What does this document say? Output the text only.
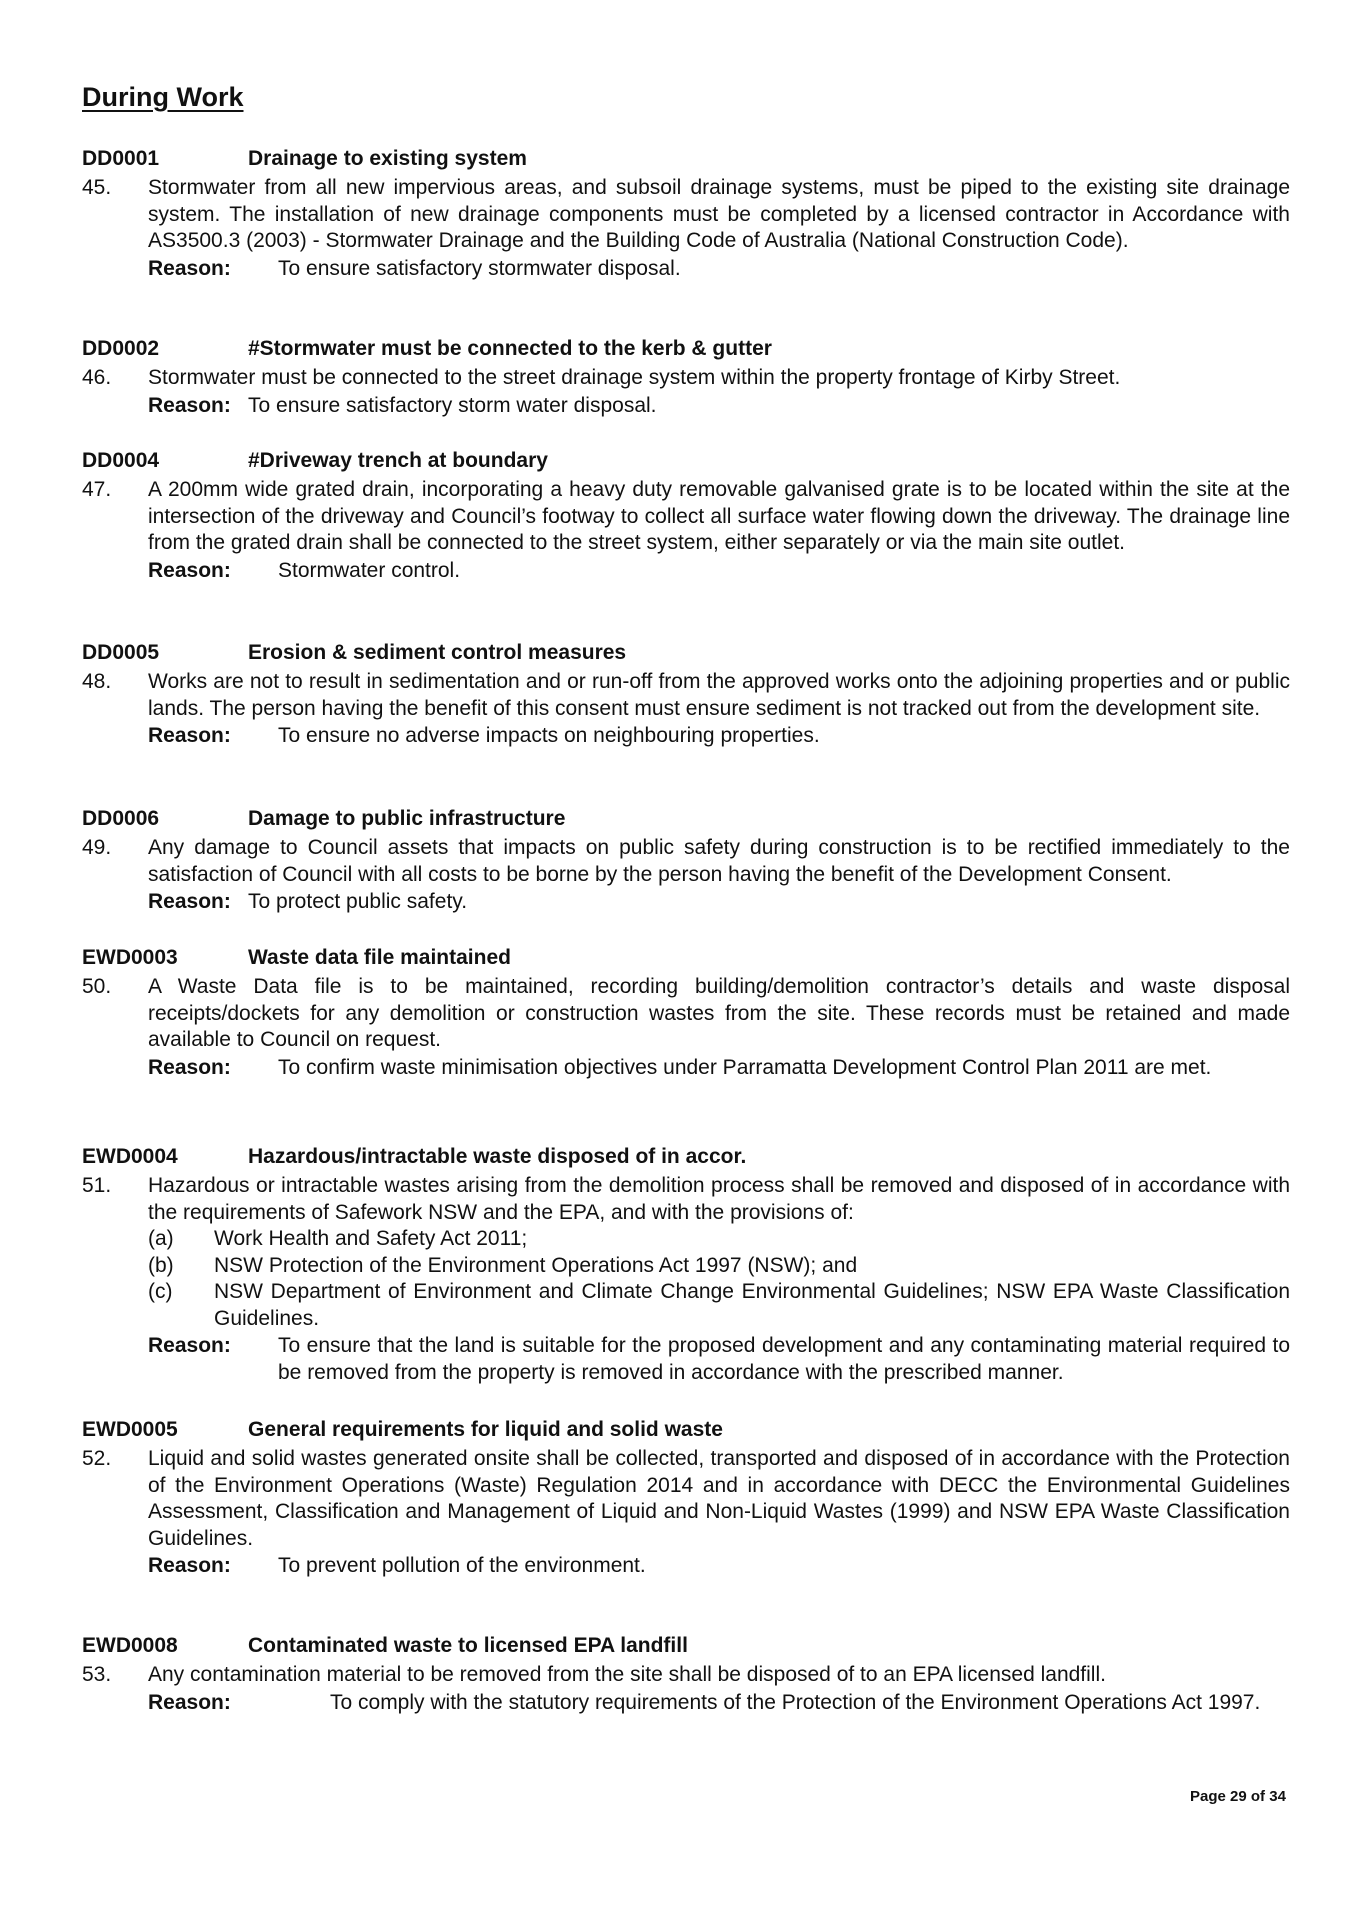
During Work
DD0001	Drainage to existing system
45. Stormwater from all new impervious areas, and subsoil drainage systems, must be piped to the existing site drainage system. The installation of new drainage components must be completed by a licensed contractor in Accordance with AS3500.3 (2003) - Stormwater Drainage and the Building Code of Australia (National Construction Code).
Reason: To ensure satisfactory stormwater disposal.
DD0002	#Stormwater must be connected to the kerb & gutter
46. Stormwater must be connected to the street drainage system within the property frontage of Kirby Street.
Reason: To ensure satisfactory storm water disposal.
DD0004	#Driveway trench at boundary
47. A 200mm wide grated drain, incorporating a heavy duty removable galvanised grate is to be located within the site at the intersection of the driveway and Council’s footway to collect all surface water flowing down the driveway. The drainage line from the grated drain shall be connected to the street system, either separately or via the main site outlet.
Reason: Stormwater control.
DD0005	Erosion & sediment control measures
48. Works are not to result in sedimentation and or run-off from the approved works onto the adjoining properties and or public lands. The person having the benefit of this consent must ensure sediment is not tracked out from the development site.
Reason: To ensure no adverse impacts on neighbouring properties.
DD0006	Damage to public infrastructure
49. Any damage to Council assets that impacts on public safety during construction is to be rectified immediately to the satisfaction of Council with all costs to be borne by the person having the benefit of the Development Consent.
Reason: To protect public safety.
EWD0003	Waste data file maintained
50. A Waste Data file is to be maintained, recording building/demolition contractor’s details and waste disposal receipts/dockets for any demolition or construction wastes from the site. These records must be retained and made available to Council on request.
Reason: To confirm waste minimisation objectives under Parramatta Development Control Plan 2011 are met.
EWD0004	Hazardous/intractable waste disposed of in accor.
51. Hazardous or intractable wastes arising from the demolition process shall be removed and disposed of in accordance with the requirements of Safework NSW and the EPA, and with the provisions of:
(a) Work Health and Safety Act 2011;
(b) NSW Protection of the Environment Operations Act 1997 (NSW); and
(c) NSW Department of Environment and Climate Change Environmental Guidelines; NSW EPA Waste Classification Guidelines.
Reason: To ensure that the land is suitable for the proposed development and any contaminating material required to be removed from the property is removed in accordance with the prescribed manner.
EWD0005	General requirements for liquid and solid waste
52. Liquid and solid wastes generated onsite shall be collected, transported and disposed of in accordance with the Protection of the Environment Operations (Waste) Regulation 2014 and in accordance with DECC the Environmental Guidelines Assessment, Classification and Management of Liquid and Non-Liquid Wastes (1999) and NSW EPA Waste Classification Guidelines.
Reason: To prevent pollution of the environment.
EWD0008	Contaminated waste to licensed EPA landfill
53. Any contamination material to be removed from the site shall be disposed of to an EPA licensed landfill.
Reason:	To comply with the statutory requirements of the Protection of the Environment Operations Act 1997.
Page 29 of 34
